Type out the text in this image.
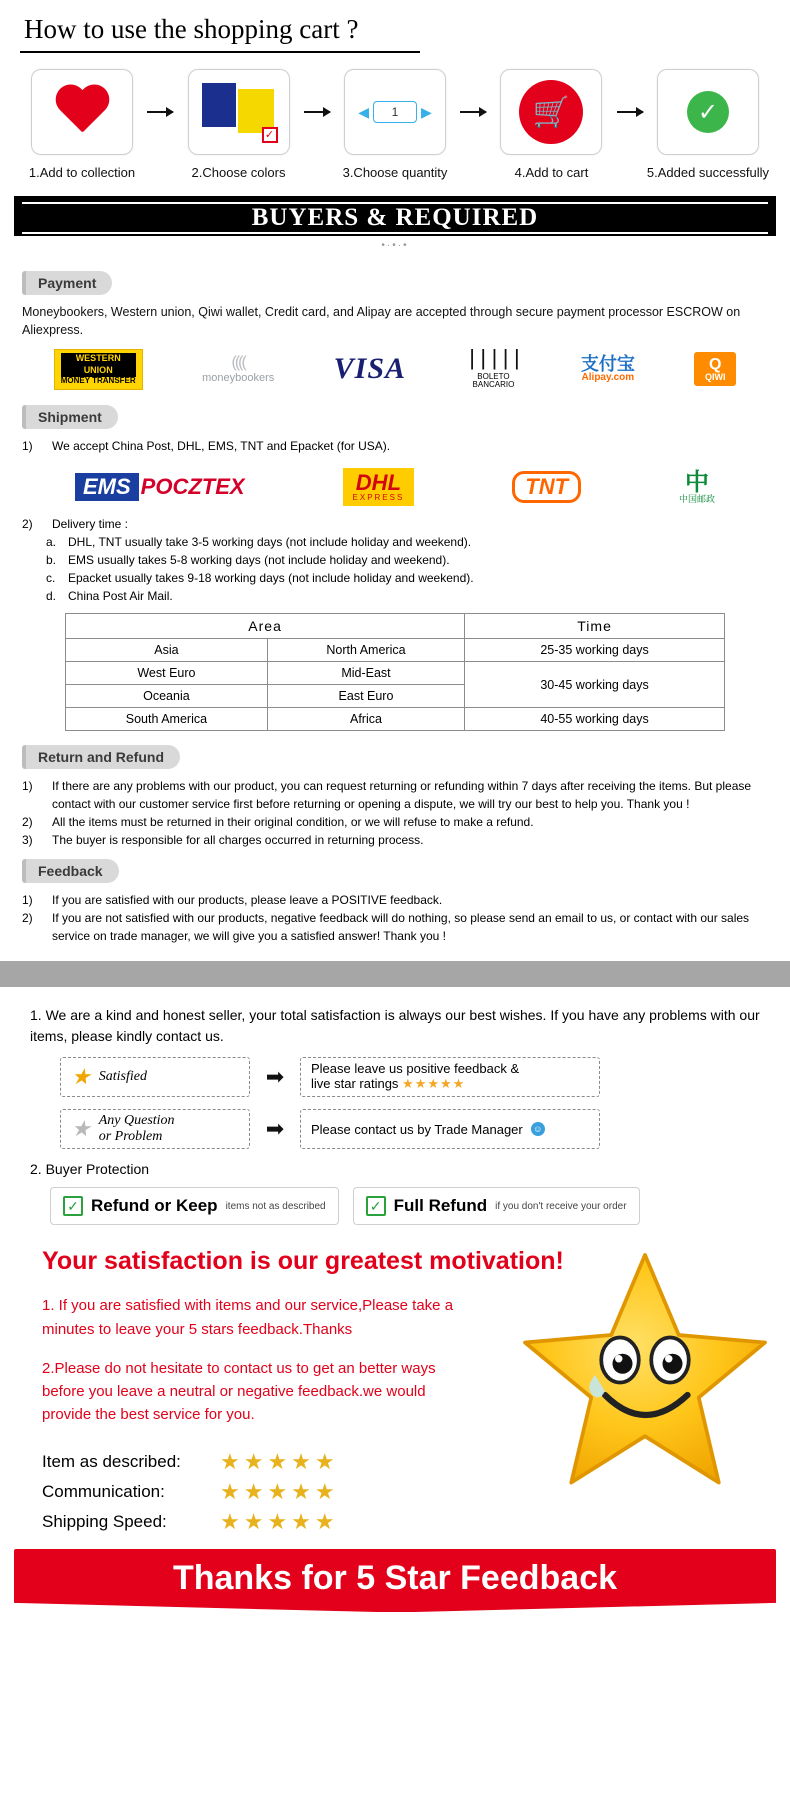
How to use the shopping cart ?
1.Add to collection
✓
2.Choose colors
◀	1	▶
3.Choose quantity
🛒
4.Add to cart
✓
5.Added successfully
BUYERS & REQUIRED
•·•·•
Payment

Moneybookers, Western union, Qiwi wallet, Credit card, and Alipay are accepted through secure payment processor ESCROW on Aliexpress.

WESTERN
UNION
MONEY TRANSFER
((((
moneybookers VISA	|||||
BOLETO
BANCARIO
支付宝
Alipay.com
Q
QIWI
Shipment
1)	We accept China Post, DHL, EMS, TNT and Epacket (for USA).
EMS POCZTEX	DHL
EXPRESS	TNT	中
中国邮政
2)	Delivery time :
a. DHL, TNT usually take 3-5 working days (not include holiday and weekend).
b. EMS usually takes 5-8 working days (not include holiday and weekend).
c.	Epacket usually takes 9-18 working days (not include holiday and weekend).
d. China Post Air Mail.
Area		Time
Asia	North America	25-35 working days
West Euro	Mid-East	30-45 working days
Oceania	East Euro	
South America	Africa	40-55 working days
Return and Refund
1)	If there are any problems with our product, you can request returning or refunding within 7 days after receiving the items. But please contact with our customer service first before returning or opening a dispute, we will try our best to help you. Thank you !
2)	All the items must be returned in their original condition, or we will refuse to make a refund.
3)	The buyer is responsible for all charges occurred in returning process.
Feedback
1)	If you are satisfied with our products, please leave a POSITIVE feedback.
2)	If you are not satisfied with our products, negative feedback will do nothing, so please send an email to us, or contact with our sales service on trade manager, we will give you a satisfied answer! Thank you !

1. We are a kind and honest seller, your total satisfaction is always our best wishes. If you have any problems with our items, please kindly contact us.

★ Satisfied	➡	Please leave us positive feedback &
live star ratings ★★★★★
★ Any Question
or Problem	➡	Please contact us by Trade Manager ☺
2. Buyer Protection
✓ Refund or Keep items not as described	✓ Full Refund if you don't receive your order
Your satisfaction is our greatest motivation!

1. If you are satisfied with items and our service,Please take a minutes to leave your 5 stars feedback.Thanks

2.Please do not hesitate to contact us to get an better ways before you leave a neutral or negative feedback.we would provide the best service for you.

Item as described:	★★★★★
Communication:	★★★★★
Shipping Speed:	★★★★★
Thanks for 5 Star Feedback
